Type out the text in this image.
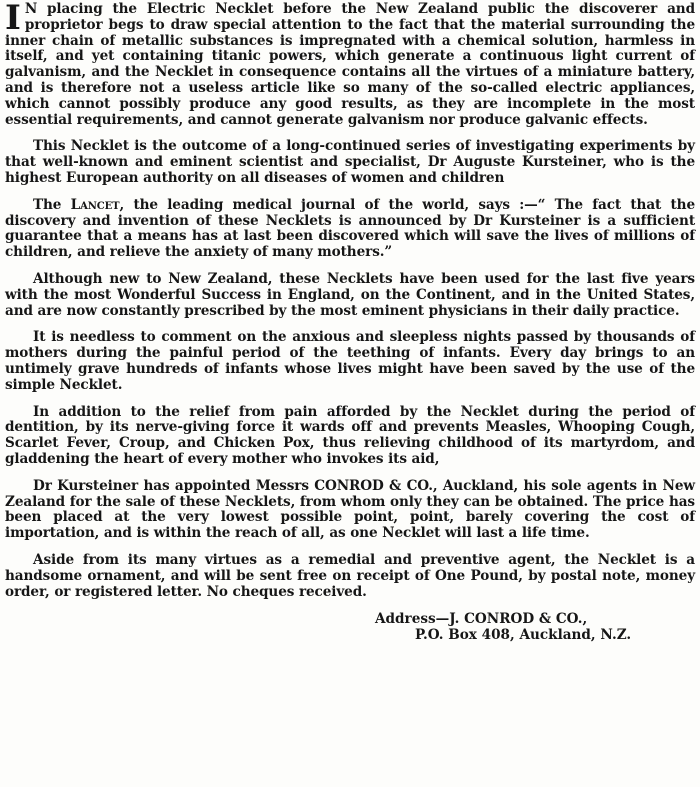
I N placing the Electric Necklet before the New Zealand public the discoverer and proprietor begs to draw special attention to the fact that the material surrounding the inner chain of metallic substances is impregnated with a chemical solution, harmless in itself, and yet containing titanic powers, which generate a continuous light current of galvanism, and the Necklet in consequence contains all the virtues of a miniature battery, and is therefore not a useless article like so many of the so-called electric appliances, which cannot possibly produce any good results, as they are incomplete in the most essential requirements, and cannot generate galvanism nor produce galvanic effects.

This Necklet is the outcome of a long-continued series of investigating experiments by that well-known and eminent scientist and specialist, Dr Auguste Kursteiner, who is the highest European authority on all diseases of women and children

The Lancet, the leading medical journal of the world, says :—“ The fact that the discovery and invention of these Necklets is announced by Dr Kursteiner is a sufficient guarantee that a means has at last been discovered which will save the lives of millions of children, and relieve the anxiety of many mothers.”

Although new to New Zealand, these Necklets have been used for the last five years with the most Wonderful Success in England, on the Continent, and in the United States, and are now constantly prescribed by the most eminent physicians in their daily practice.

It is needless to comment on the anxious and sleepless nights passed by thousands of mothers during the painful period of the teething of infants. Every day brings to an untimely grave hundreds of infants whose lives might have been saved by the use of the simple Necklet.

In addition to the relief from pain afforded by the Necklet during the period of dentition, by its nerve-giving force it wards off and prevents Measles, Whooping Cough, Scarlet Fever, Croup, and Chicken Pox, thus relieving childhood of its martyrdom, and gladdening the heart of every mother who invokes its aid,

Dr Kursteiner has appointed Messrs CONROD & CO., Auckland, his sole agents in New Zealand for the sale of these Necklets, from whom only they can be obtained. The price has been placed at the very lowest possible point, point, barely covering the cost of importation, and is within the reach of all, as one Necklet will last a life time.

Aside from its many virtues as a remedial and preventive agent, the Necklet is a handsome ornament, and will be sent free on receipt of One Pound, by postal note, money order, or registered letter. No cheques received.

Address—J. CONROD & CO.,
P.O. Box 408, Auckland, N.Z.
